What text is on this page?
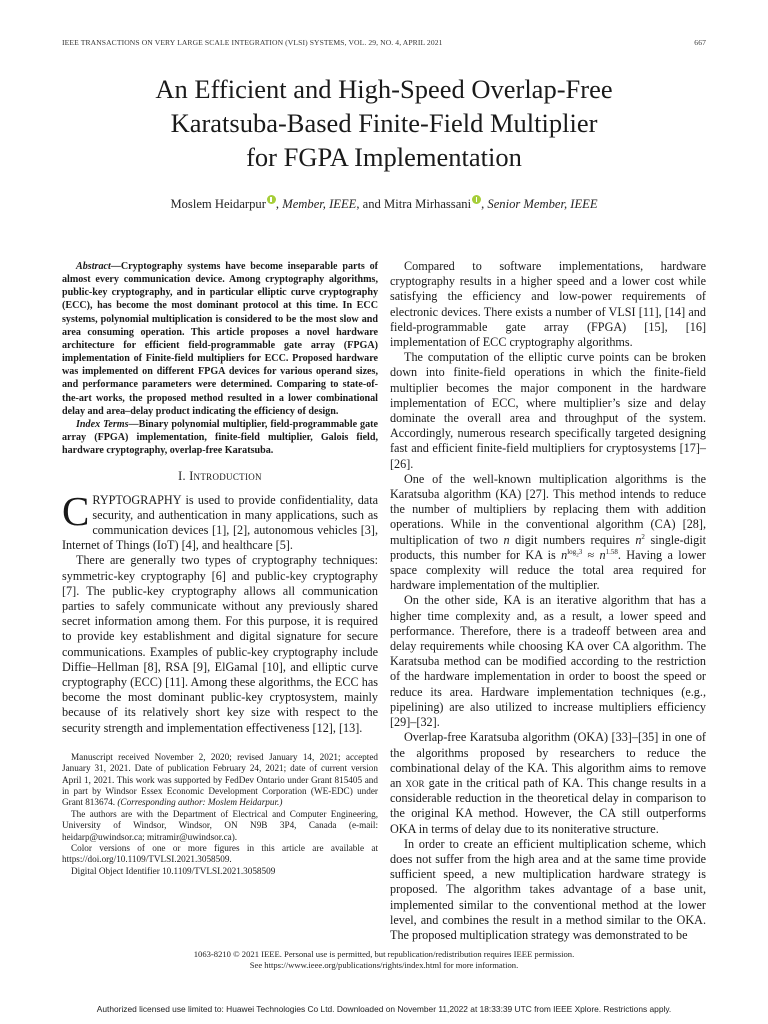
IEEE TRANSACTIONS ON VERY LARGE SCALE INTEGRATION (VLSI) SYSTEMS, VOL. 29, NO. 4, APRIL 2021	667
An Efficient and High-Speed Overlap-Free
Karatsuba-Based Finite-Field Multiplier
for FGPA Implementation
Moslem Heidarpur , Member, IEEE, and Mitra Mirhassani , Senior Member, IEEE

Abstract—Cryptography systems have become inseparable parts of almost every communication device. Among cryptography algorithms, public-key cryptography, and in particular elliptic curve cryptography (ECC), has become the most dominant protocol at this time. In ECC systems, polynomial multiplication is considered to be the most slow and area consuming operation. This article proposes a novel hardware architecture for efficient field-programmable gate array (FPGA) implementation of Finite-field multipliers for ECC. Proposed hardware was implemented on different FPGA devices for various operand sizes, and performance parameters were determined. Comparing to state-of-the-art works, the proposed method resulted in a lower combinational delay and area–delay product indicating the efficiency of design.

Index Terms—Binary polynomial multiplier, field-programmable gate array (FPGA) implementation, finite-field multiplier, Galois field, hardware cryptography, overlap-free Karatsuba.

I. Introduction

CRYPTOGRAPHY is used to provide confidentiality, data security, and authentication in many applications, such as communication devices [1], [2], autonomous vehicles [3], Internet of Things (IoT) [4], and healthcare [5].

There are generally two types of cryptography techniques: symmetric-key cryptography [6] and public-key cryptography [7]. The public-key cryptography allows all communication parties to safely communicate without any previously shared secret information among them. For this purpose, it is required to provide key establishment and digital signature for secure communications. Examples of public-key cryptography include Diffie–Hellman [8], RSA [9], ElGamal [10], and elliptic curve cryptography (ECC) [11]. Among these algorithms, the ECC has become the most dominant public-key cryptosystem, mainly because of its relatively short key size with respect to the security strength and implementation effectiveness [12], [13].

Manuscript received November 2, 2020; revised January 14, 2021; accepted January 31, 2021. Date of publication February 24, 2021; date of current version April 1, 2021. This work was supported by FedDev Ontario under Grant 815405 and in part by Windsor Essex Economic Development Corporation (WE-EDC) under Grant 813674. (Corresponding author: Moslem Heidarpur.)

The authors are with the Department of Electrical and Computer Engineering, University of Windsor, Windsor, ON N9B 3P4, Canada (e-mail: heidarp@uwindsor.ca; mitramir@uwindsor.ca).

Color versions of one or more figures in this article are available at https://doi.org/10.1109/TVLSI.2021.3058509.

Digital Object Identifier 10.1109/TVLSI.2021.3058509

Compared to software implementations, hardware cryptography results in a higher speed and a lower cost while satisfying the efficiency and low-power requirements of electronic devices. There exists a number of VLSI [11], [14] and field-programmable gate array (FPGA) [15], [16] implementation of ECC cryptography algorithms.

The computation of the elliptic curve points can be broken down into finite-field operations in which the finite-field multiplier becomes the major component in the hardware implementation of ECC, where multiplier’s size and delay dominate the overall area and throughput of the system. Accordingly, numerous research specifically targeted designing fast and efficient finite-field multipliers for cryptosystems [17]–[26].

One of the well-known multiplication algorithms is the Karatsuba algorithm (KA) [27]. This method intends to reduce the number of multipliers by replacing them with addition operations. While in the conventional algorithm (CA) [28], multiplication of two n digit numbers requires $n^2$ single-digit products, this number for KA is $n^{log_23} \approx n^{1.58}$. Having a lower space complexity will reduce the total area required for hardware implementation of the multiplier.

On the other side, KA is an iterative algorithm that has a higher time complexity and, as a result, a lower speed and performance. Therefore, there is a tradeoff between area and delay requirements while choosing KA over CA algorithm. The Karatsuba method can be modified according to the restriction of the hardware implementation in order to boost the speed or reduce its area. Hardware implementation techniques (e.g., pipelining) are also utilized to increase multipliers efficiency [29]–[32].

Overlap-free Karatsuba algorithm (OKA) [33]–[35] in one of the algorithms proposed by researchers to reduce the combinational delay of the KA. This algorithm aims to remove an xor gate in the critical path of KA. This change results in a considerable reduction in the theoretical delay in comparison to the original KA method. However, the CA still outperforms OKA in terms of delay due to its noniterative structure.

In order to create an efficient multiplication scheme, which does not suffer from the high area and at the same time provide sufficient speed, a new multiplication hardware strategy is proposed. The algorithm takes advantage of a base unit, implemented similar to the conventional method at the lower level, and combines the result in a method similar to the OKA. The proposed multiplication strategy was demonstrated to be

1063-8210 © 2021 IEEE. Personal use is permitted, but republication/redistribution requires IEEE permission.
See https://www.ieee.org/publications/rights/index.html for more information.
Authorized licensed use limited to: Huawei Technologies Co Ltd. Downloaded on November 11,2022 at 18:33:39 UTC from IEEE Xplore. Restrictions apply.
